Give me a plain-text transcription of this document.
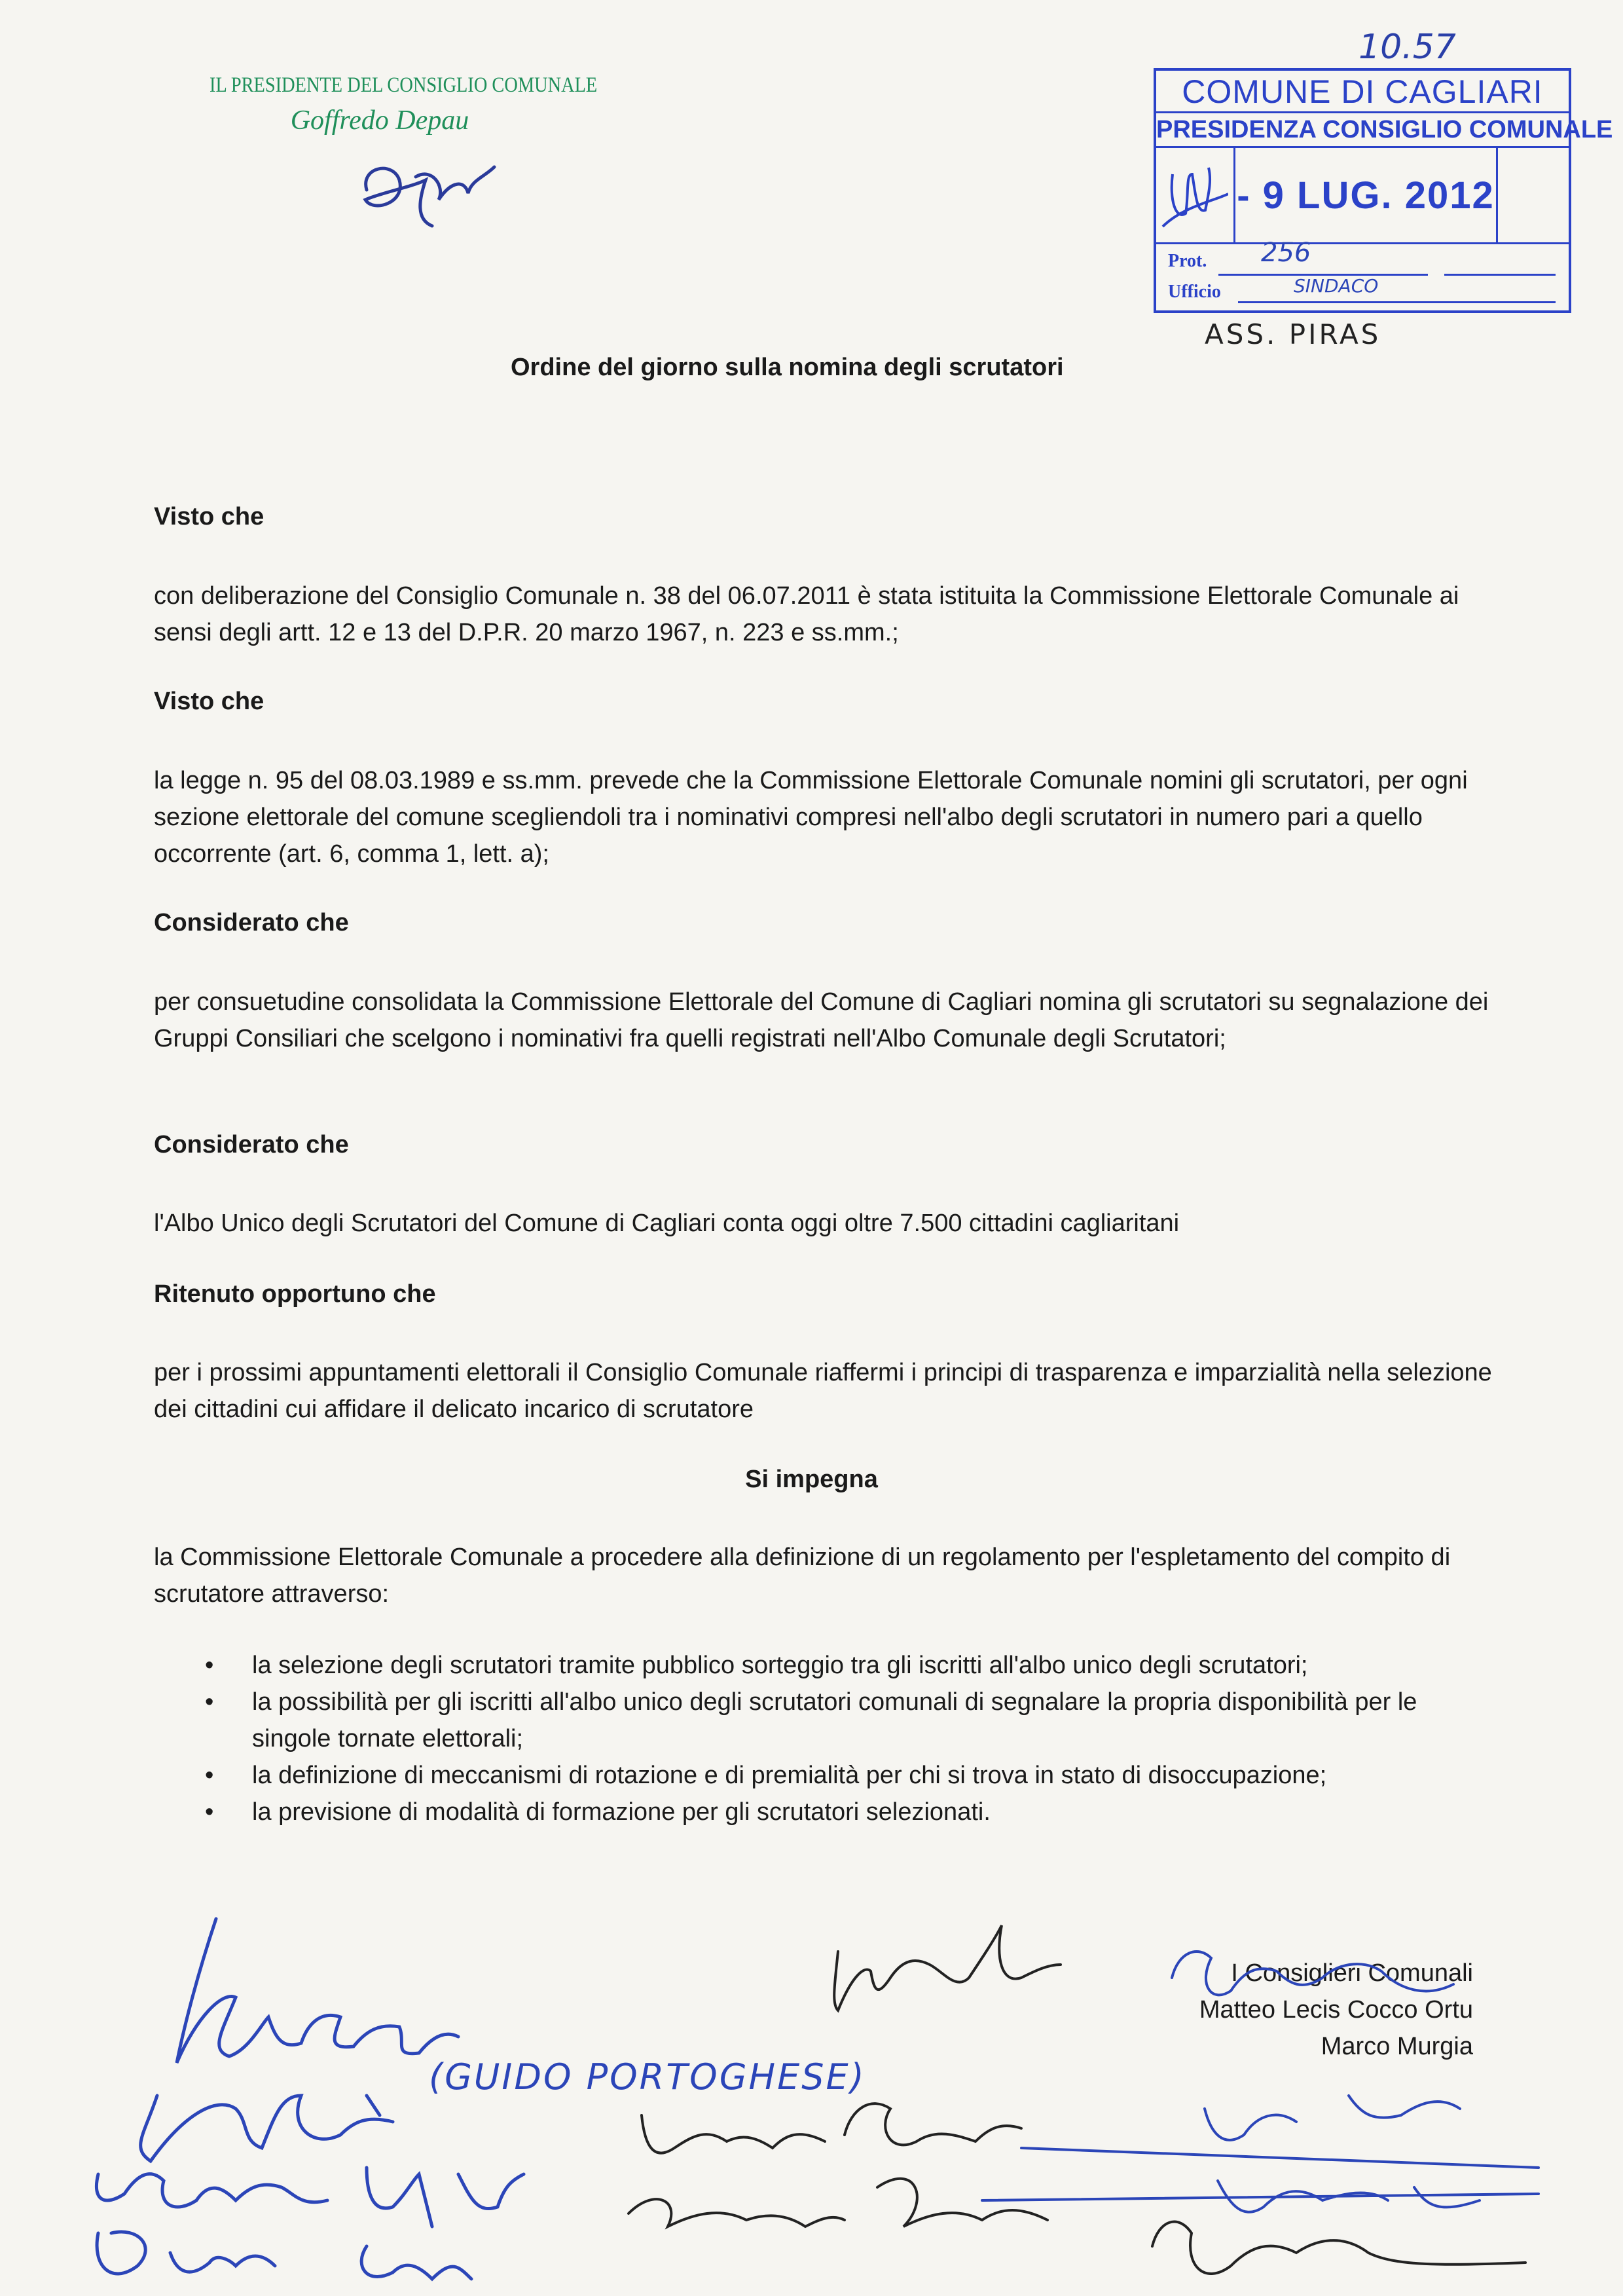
IL PRESIDENTE DEL CONSIGLIO COMUNALE
Goffredo Depau
10.57
COMUNE DI CAGLIARI
PRESIDENZA CONSIGLIO COMUNALE
- 9 LUG. 2012
Prot. 256
Ufficio	SINDACO
ASS. PIRAS
Ordine del giorno sulla nomina degli scrutatori
Visto che
con deliberazione del Consiglio Comunale n. 38 del 06.07.2011 è stata istituita la Commissione Elettorale Comunale ai sensi degli artt. 12 e 13 del D.P.R. 20 marzo 1967, n. 223 e ss.mm.;
Visto che
la legge n. 95 del 08.03.1989 e ss.mm. prevede che la Commissione Elettorale Comunale nomini gli scrutatori, per ogni sezione elettorale del comune scegliendoli tra i nominativi compresi nell'albo degli scrutatori in numero pari a quello occorrente (art. 6, comma 1, lett. a);
Considerato che
per consuetudine consolidata la Commissione Elettorale del Comune di Cagliari nomina gli scrutatori su segnalazione dei Gruppi Consiliari che scelgono i nominativi fra quelli registrati nell'Albo Comunale degli Scrutatori;
Considerato che
l'Albo Unico degli Scrutatori del Comune di Cagliari conta oggi oltre 7.500 cittadini cagliaritani
Ritenuto opportuno che
per i prossimi appuntamenti elettorali il Consiglio Comunale riaffermi i principi di trasparenza e imparzialità nella selezione dei cittadini cui affidare il delicato incarico di scrutatore
Si impegna
la Commissione Elettorale Comunale a procedere alla definizione di un regolamento per l'espletamento del compito di scrutatore attraverso:
• la selezione degli scrutatori tramite pubblico sorteggio tra gli iscritti all'albo unico degli scrutatori;
• la possibilità per gli iscritti all'albo unico degli scrutatori comunali di segnalare la propria disponibilità per le singole tornate elettorali;
• la definizione di meccanismi di rotazione e di premialità per chi si trova in stato di disoccupazione;
• la previsione di modalità di formazione per gli scrutatori selezionati.
I Consiglieri Comunali
Matteo Lecis Cocco Ortu
Marco Murgia
(GUIDO PORTOGHESE)
